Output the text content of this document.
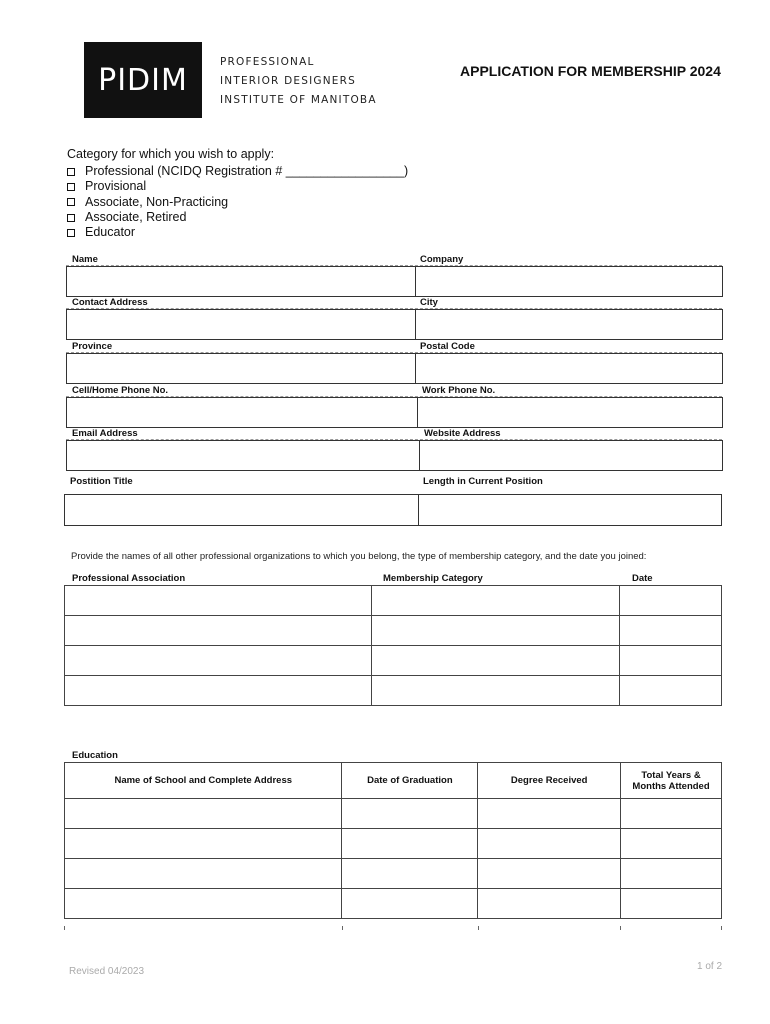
PIDIM
PROFESSIONAL
INTERIOR DESIGNERS
INSTITUTE OF MANITOBA
APPLICATION FOR MEMBERSHIP 2024
Category for which you wish to apply:
Professional (NCIDQ Registration # _________________)
Provisional
Associate, Non-Practicing
Associate, Retired
Educator
Name	Company
Contact Address	City
Province	Postal Code
Cell/Home Phone No.	Work Phone No.
Email Address	Website Address
Postition Title	Length in Current Position
Provide the names of all other professional organizations to which you belong, the type of membership category, and the date you joined:
Professional Association	Membership Category	Date

Education
Name of School and Complete Address	Date of Graduation	Degree Received	Total Years & Months Attended

Revised 04/2023	1 of 2
